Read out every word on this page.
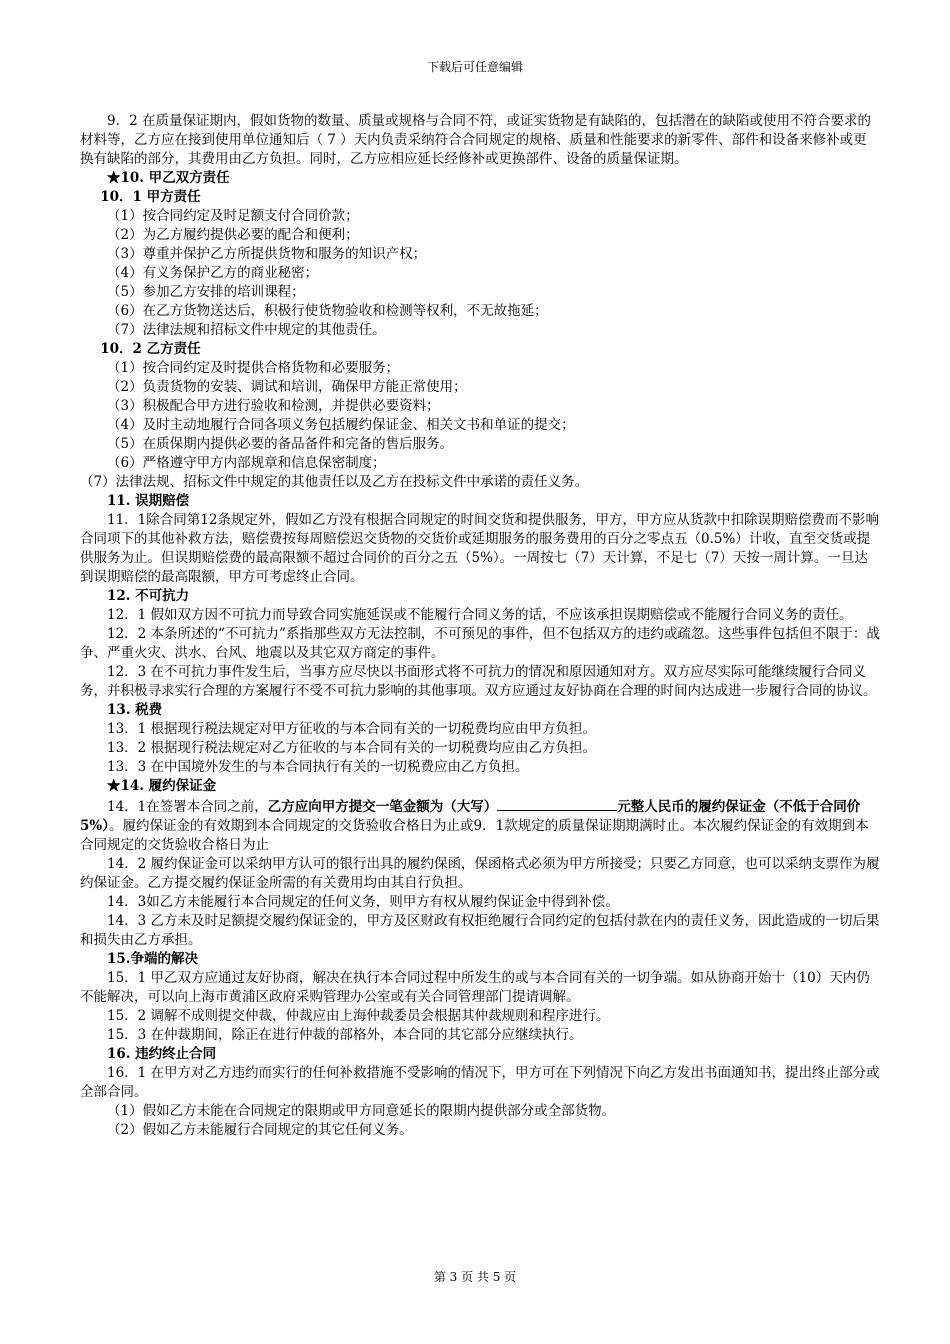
下载后可任意编辑

9．2 在质量保证期内，假如货物的数量、质量或规格与合同不符，或证实货物是有缺陷的，包括潜在的缺陷或使用不符合要求的材料等，乙方应在接到使用单位通知后（ 7 ）天内负责采纳符合合同规定的规格、质量和性能要求的新零件、部件和设备来修补或更换有缺陷的部分，其费用由乙方负担。同时，乙方应相应延长经修补或更换部件、设备的质量保证期。

★10. 甲乙双方责任

10．1 甲方责任

（1）按合同约定及时足额支付合同价款；

（2）为乙方履约提供必要的配合和便利；

（3）尊重并保护乙方所提供货物和服务的知识产权；

（4）有义务保护乙方的商业秘密；

（5）参加乙方安排的培训课程；

（6）在乙方货物送达后，积极行使货物验收和检测等权利，不无故拖延；

（7）法律法规和招标文件中规定的其他责任。

10．2 乙方责任

（1）按合同约定及时提供合格货物和必要服务；

（2）负责货物的安装、调试和培训，确保甲方能正常使用；

（3）积极配合甲方进行验收和检测，并提供必要资料；

（4）及时主动地履行合同各项义务包括履约保证金、相关文书和单证的提交；

（5）在质保期内提供必要的备品备件和完备的售后服务。

（6）严格遵守甲方内部规章和信息保密制度；

（7）法律法规、招标文件中规定的其他责任以及乙方在投标文件中承诺的责任义务。

11. 误期赔偿

11．1除合同第12条规定外，假如乙方没有根据合同规定的时间交货和提供服务，甲方，甲方应从货款中扣除误期赔偿费而不影响合同项下的其他补救方法，赔偿费按每周赔偿迟交货物的交货价或延期服务的服务费用的百分之零点五（0.5%）计收，直至交货或提供服务为止。但误期赔偿费的最高限额不超过合同价的百分之五（5%）。一周按七（7）天计算，不足七（7）天按一周计算。一旦达到误期赔偿的最高限额，甲方可考虑终止合同。

12. 不可抗力

12．1 假如双方因不可抗力而导致合同实施延误或不能履行合同义务的话，不应该承担误期赔偿或不能履行合同义务的责任。

12．2 本条所述的“不可抗力”系指那些双方无法控制，不可预见的事件，但不包括双方的违约或疏忽。这些事件包括但不限于：战争、严重火灾、洪水、台风、地震以及其它双方商定的事件。

12．3 在不可抗力事件发生后，当事方应尽快以书面形式将不可抗力的情况和原因通知对方。双方应尽实际可能继续履行合同义务，并积极寻求实行合理的方案履行不受不可抗力影响的其他事项。双方应通过友好协商在合理的时间内达成进一步履行合同的协议。

13. 税费

13．1 根据现行税法规定对甲方征收的与本合同有关的一切税费均应由甲方负担。

13．2 根据现行税法规定对乙方征收的与本合同有关的一切税费均应由乙方负担。

13．3 在中国境外发生的与本合同执行有关的一切税费应由乙方负担。

★14. 履约保证金

14．1在签署本合同之前，乙方应向甲方提交一笔金额为（大写）	元整人民币的履约保证金（不低于合同价5%）。履约保证金的有效期到本合同规定的交货验收合格日为止或9．1款规定的质量保证期期满时止。本次履约保证金的有效期到本合同规定的交货验收合格日为止

14．2 履约保证金可以采纳甲方认可的银行出具的履约保函，保函格式必须为甲方所接受；只要乙方同意，也可以采纳支票作为履约保证金。乙方提交履约保证金所需的有关费用均由其自行负担。

14．3如乙方未能履行本合同规定的任何义务，则甲方有权从履约保证金中得到补偿。

14．3 乙方未及时足额提交履约保证金的，甲方及区财政有权拒绝履行合同约定的包括付款在内的责任义务，因此造成的一切后果和损失由乙方承担。

15.争端的解决

15．1 甲乙双方应通过友好协商，解决在执行本合同过程中所发生的或与本合同有关的一切争端。如从协商开始十（10）天内仍不能解决，可以向上海市黄浦区政府采购管理办公室或有关合同管理部门提请调解。

15．2 调解不成则提交仲裁，仲裁应由上海仲裁委员会根据其仲裁规则和程序进行。

15．3 在仲裁期间，除正在进行仲裁的部格外，本合同的其它部分应继续执行。

16. 违约终止合同

16．1 在甲方对乙方违约而实行的任何补救措施不受影响的情况下，甲方可在下列情况下向乙方发出书面通知书，提出终止部分或全部合同。

（1）假如乙方未能在合同规定的限期或甲方同意延长的限期内提供部分或全部货物。

（2）假如乙方未能履行合同规定的其它任何义务。

第 3 页 共 5 页
